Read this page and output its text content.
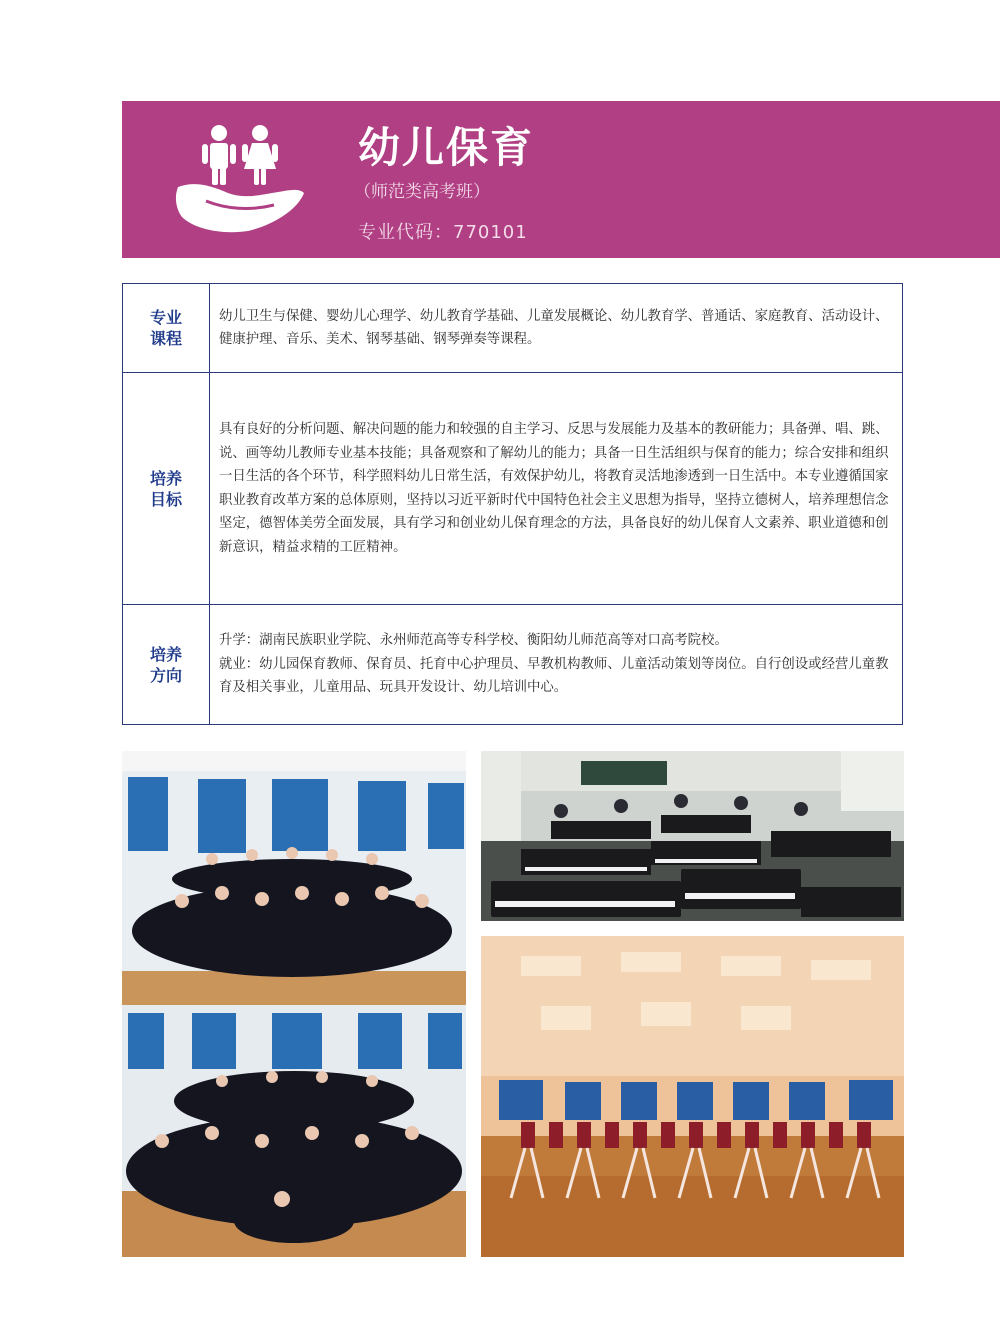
幼儿保育
（师范类高考班）
专业代码：770101
专业
课程

幼儿卫生与保健、婴幼儿心理学、幼儿教育学基础、儿童发展概论、幼儿教育学、普通话、家庭教育、活动设计、健康护理、音乐、美术、钢琴基础、钢琴弹奏等课程。

培养
目标

具有良好的分析问题、解决问题的能力和较强的自主学习、反思与发展能力及基本的教研能力；具备弹、唱、跳、说、画等幼儿教师专业基本技能；具备观察和了解幼儿的能力；具备一日生活组织与保育的能力；综合安排和组织一日生活的各个环节，科学照料幼儿日常生活，有效保护幼儿，将教育灵活地渗透到一日生活中。本专业遵循国家职业教育改革方案的总体原则，坚持以习近平新时代中国特色社会主义思想为指导，坚持立德树人，培养理想信念坚定，德智体美劳全面发展，具有学习和创业幼儿保育理念的方法，具备良好的幼儿保育人文素养、职业道德和创新意识，精益求精的工匠精神。

培养
方向

升学：湖南民族职业学院、永州师范高等专科学校、衡阳幼儿师范高等对口高考院校。
就业：幼儿园保育教师、保育员、托育中心护理员、早教机构教师、儿童活动策划等岗位。自行创设或经营儿童教育及相关事业，儿童用品、玩具开发设计、幼儿培训中心。
